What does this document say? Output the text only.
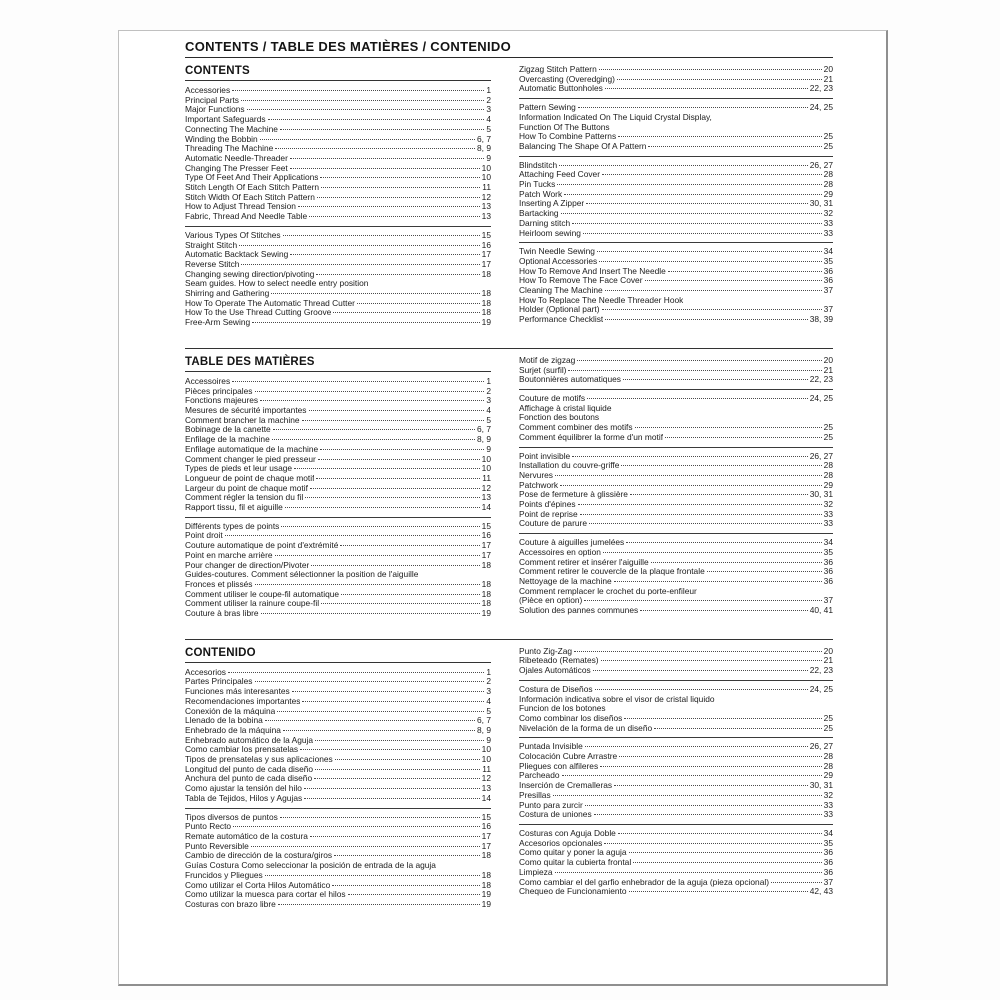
CONTENTS / TABLE DES MATIÈRES / CONTENIDO
CONTENTS
Accessories	1
Principal Parts	2
Major Functions	3
Important Safeguards	4
Connecting The Machine	5
Winding the Bobbin	6, 7
Threading The Machine	8, 9
Automatic Needle-Threader	9
Changing The Presser Feet	10
Type Of Feet And Their Applications	10
Stitch Length Of Each Stitch Pattern	11
Stitch Width Of Each Stitch Pattern	12
How to Adjust Thread Tension	13
Fabric, Thread And Needle Table	13
Various Types Of Stitches	15
Straight Stitch	16
Automatic Backtack Sewing	17
Reverse Stitch	17
Changing sewing direction/pivoting	18
Seam guides. How to select needle entry position
Shirring and Gathering	18
How To Operate The Automatic Thread Cutter	18
How To the Use Thread Cutting Groove	18
Free-Arm Sewing	19
Zigzag Stitch Pattern	20
Overcasting (Overedging)	21
Automatic Buttonholes	22, 23
Pattern Sewing	24, 25
Information Indicated On The Liquid Crystal Display,
Function Of The Buttons
How To Combine Patterns	25
Balancing The Shape Of A Pattern	25
Blindstitch	26, 27
Attaching Feed Cover	28
Pin Tucks	28
Patch Work	29
Inserting A Zipper	30, 31
Bartacking	32
Darning stitch	33
Heirloom sewing	33
Twin Needle Sewing	34
Optional Accessories	35
How To Remove And Insert The Needle	36
How To Remove The Face Cover	36
Cleaning The Machine	37
How To Replace The Needle Threader Hook
Holder (Optional part)	37
Performance Checklist	38, 39
TABLE DES MATIÈRES
Accessoires	1
Pièces principales	2
Fonctions majeures	3
Mesures de sécurité importantes	4
Comment brancher la machine	5
Bobinage de la canette	6, 7
Enfilage de la machine	8, 9
Enfilage automatique de la machine	9
Comment changer le pied presseur	10
Types de pieds et leur usage	10
Longueur de point de chaque motif	11
Largeur du point de chaque motif	12
Comment régler la tension du fil	13
Rapport tissu, fil et aiguille	14
Différents types de points	15
Point droit	16
Couture automatique de point d'extrémité	17
Point en marche arrière	17
Pour changer de direction/Pivoter	18
Guides-coutures. Comment sélectionner la position de l'aiguille
Fronces et plissés	18
Comment utiliser le coupe-fil automatique	18
Comment utiliser la rainure coupe-fil	18
Couture à bras libre	19
Motif de zigzag	20
Surjet (surfil)	21
Boutonnières automatiques	22, 23
Couture de motifs	24, 25
Affichage à cristal liquide
Fonction des boutons
Comment combiner des motifs	25
Comment équilibrer la forme d'un motif	25
Point invisible	26, 27
Installation du couvre-griffe	28
Nervures	28
Patchwork	29
Pose de fermeture à glissière	30, 31
Points d'épines	32
Point de reprise	33
Couture de parure	33
Couture à aiguilles jumelées	34
Accessoires en option	35
Comment retirer et insérer l'aiguille	36
Comment retirer le couvercle de la plaque frontale	36
Nettoyage de la machine	36
Comment remplacer le crochet du porte-enfileur
(Pièce en option)	37
Solution des pannes communes	40, 41
CONTENIDO
Accesorios	1
Partes Principales	2
Funciones más interesantes	3
Recomendaciones importantes	4
Conexión de la máquina	5
Llenado de la bobina	6, 7
Enhebrado de la máquina	8, 9
Enhebrado automático de la Aguja	9
Como cambiar los prensatelas	10
Tipos de prensatelas y sus aplicaciones	10
Longitud del punto de cada diseño	11
Anchura del punto de cada diseño	12
Como ajustar la tensión del hilo	13
Tabla de Tejidos, Hilos y Agujas	14
Tipos diversos de puntos	15
Punto Recto	16
Remate automático de la costura	17
Punto Reversible	17
Cambio de dirección de la costura/giros	18
Guías Costura Como seleccionar la posición de entrada de la aguja
Fruncidos y Pliegues	18
Como utilizar el Corta Hilos Automático	18
Como utilizar la muesca para cortar el hilos	19
Costuras con brazo libre	19
Punto Zig-Zag	20
Ribeteado (Remates)	21
Ojales Automáticos	22, 23
Costura de Diseños	24, 25
Información indicativa sobre el visor de cristal liquido
Funcion de los botones
Como combinar los diseños	25
Nivelación de la forma de un diseño	25
Puntada Invisible	26, 27
Colocación Cubre Arrastre	28
Pliegues con alfileres	28
Parcheado	29
Inserción de Cremalleras	30, 31
Presillas	32
Punto para zurcir	33
Costura de uniones	33
Costuras con Aguja Doble	34
Accesorios opcionales	35
Como quitar y poner la aguja	36
Como quitar la cubierta frontal	36
Limpieza	36
Como cambiar el del garfio enhebrador de la aguja (pieza opcional)	37
Chequeo de Funcionamiento	42, 43
